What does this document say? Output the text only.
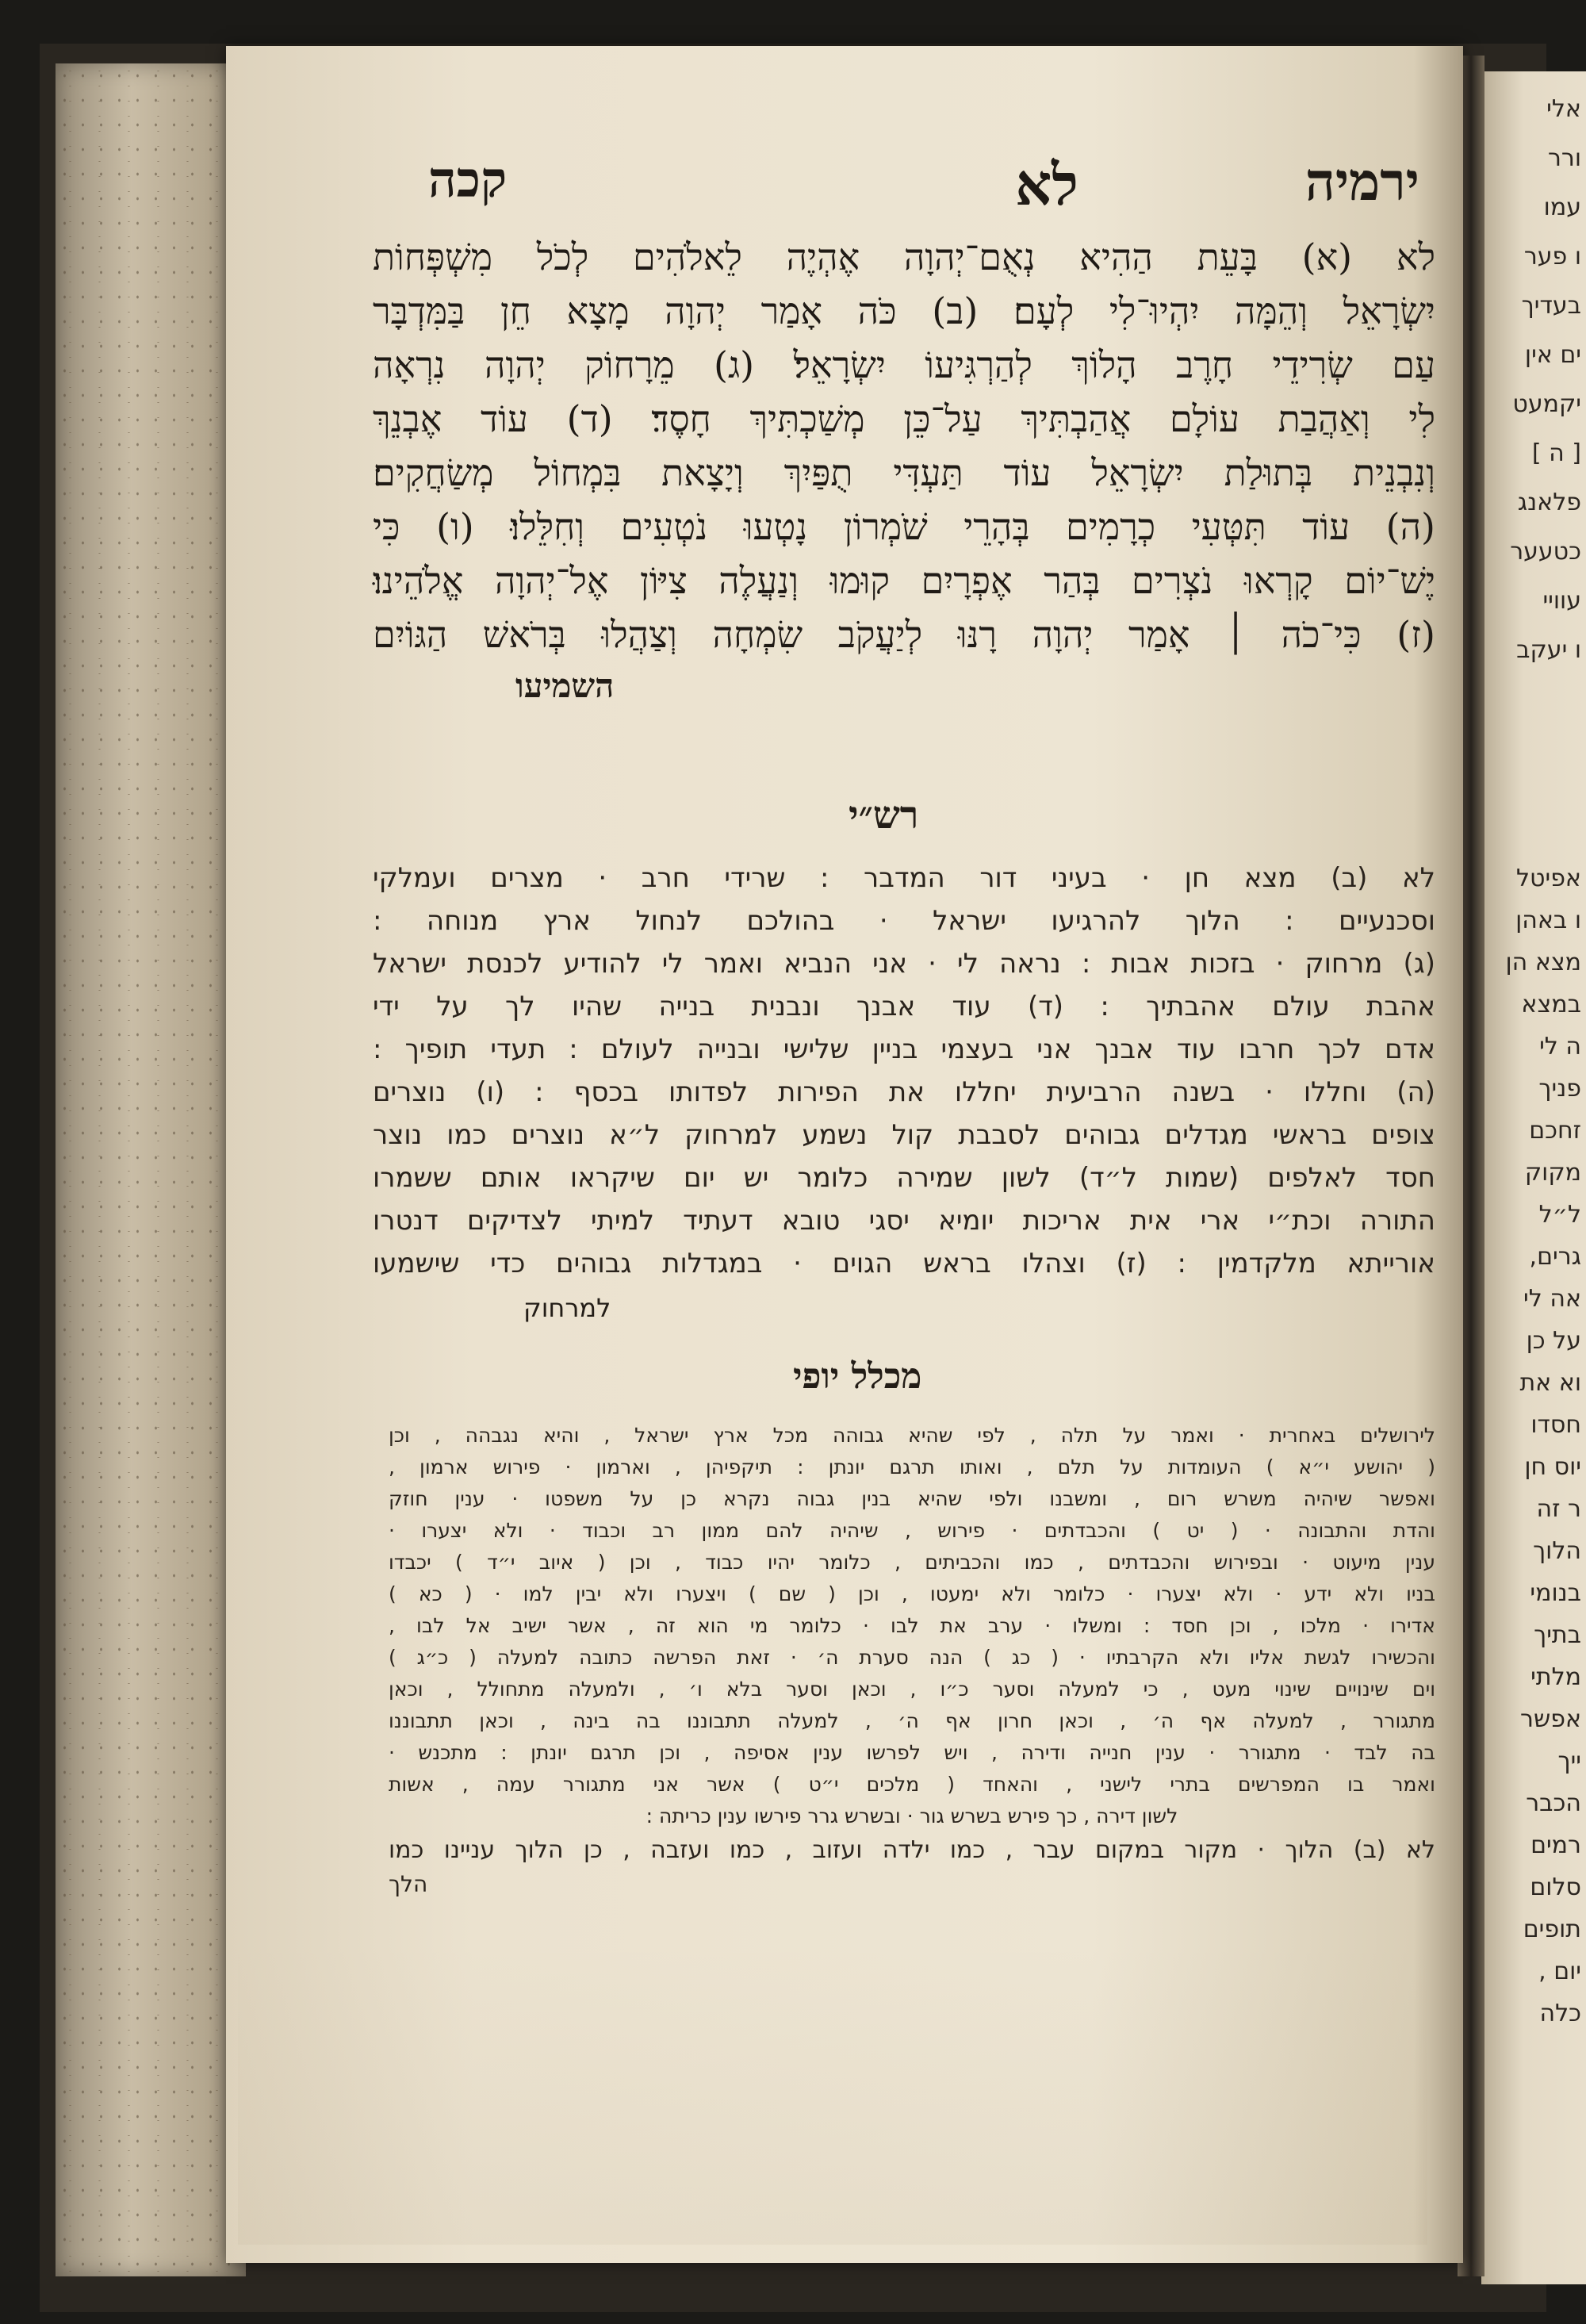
אלי
ורר
עמו
ו פער
בעדיך
ים אין
יקמעט
[ ה ]
פלאנג
כטעער
עוויי
ו יעקב
אפיטל
ו באהן
מצא הן
במצא
ה לי
פניך
זחכם
מקוק
ל״ל
גרים,
אה לי
על כן
וא את
חסדו
יוס חן
ר זה
הלוך
בנומי
בתיך
מלתי
אפשר
ייך
הכבר
רמים
סלום
תופים
יום ,
כלה
ירמיה
לא
קכה
לא (א) בָּעֵת הַהִיא נְאֻם־יְהוָה אֶהְיֶה לֵאלֹהִים לְכֹל מִשְׁפְּחוֹת
יִשְׂרָאֵל וְהֵמָּה יִהְיוּ־לִי לְעָם׃ (ב) כֹּה אָמַר יְהוָה מָצָא חֵן בַּמִּדְבָּר
עַם שְׂרִידֵי חָרֶב הָלוֹךְ לְהַרְגִּיעוֹ יִשְׂרָאֵל׃ (ג) מֵרָחוֹק יְהוָה נִרְאָה
לִי וְאַהֲבַת עוֹלָם אֲהַבְתִּיךְ עַל־כֵּן מְשַׁכְתִּיךְ חָסֶד׃ (ד) עוֹד אֶבְנֵךְ
וְנִבְנֵית בְּתוּלַת יִשְׂרָאֵל עוֹד תַּעְדִּי תֻפַּיִךְ וְיָצָאת בִּמְחוֹל מְשַׂחֲקִים׃
(ה) עוֹד תִּטְּעִי כְרָמִים בְּהָרֵי שֹׁמְרוֹן נָטְעוּ נֹטְעִים וְחִלֵּלוּ׃ (ו) כִּי
יֶשׁ־יוֹם קָרְאוּ נֹצְרִים בְּהַר אֶפְרָיִם קוּמוּ וְנַעֲלֶה צִיּוֹן אֶל־יְהוָה אֱלֹהֵינוּ׃
(ז) כִּי־כֹה ׀ אָמַר יְהוָה רָנּוּ לְיַעֲקֹב שִׂמְחָה וְצַהֲלוּ בְּרֹאשׁ הַגּוֹיִם
השמיעו
רש״י
לא (ב) מצא חן · בעיני דור המדבר : שרידי חרב · מצרים ועמלקי
וסכנעיים : הלוך להרגיעו ישראל · בהולכם לנחול ארץ מנוחה :
(ג) מרחוק · בזכות אבות : נראה לי · אני הנביא ואמר לי להודיע לכנסת ישראל
אהבת עולם אהבתיך : (ד) עוד אבנך ונבנית בנייה שהיו לך על ידי
אדם לכך חרבו עוד אבנך אני בעצמי בניין שלישי ובנייה לעולם : תעדי תופיך :
(ה) וחללו · בשנה הרביעית יחללו את הפירות לפדותו בכסף : (ו) נוצרים
צופים בראשי מגדלים גבוהים לסבבת קול נשמע למרחוק ל״א נוצרים כמו נוצר
חסד לאלפים (שמות ל״ד) לשון שמירה כלומר יש יום שיקראו אותם ששמרו
התורה וכת״י ארי אית אריכות יומיא יסגי טובא דעתיד למיתי לצדיקים דנטרו
אורייתא מלקדמין : (ז) וצהלו בראש הגוים · במגדלות גבוהים כדי שישמעו
למרחוק
מכלל יופי
לירושלים באחרית · ואמר על תלה , לפי שהיא גבוהה מכל ארץ ישראל , והיא נגבהה , וכן
( יהושע י״א ) העומדות על תלם , ואותו תרגם יונתן : תיקפיהן , וארמון · פירוש ארמון ,
ואפשר שיהיה משרש רום , ומשבנו ולפי שהיא בנין גבוה נקרא כן על משפטו · ענין חוזק
והדת והתבונה · ( יט ) והכבדתים · פירוש , שיהיה להם ממון רב וכבוד · ולא יצערו ·
ענין מיעוט · ובפירוש והכבדתים , כמו והכביתים , כלומר יהיו כבוד , וכן ( איוב י״ד ) יכבדו
בניו ולא ידע · ולא יצערו · כלומר ולא ימעטו , וכן ( שם ) ויצערו ולא יבין למו · ( כא )
אדירו · מלכו , וכן חסד : ומשלו · ערב את לבו · כלומר מי הוא זה , אשר ישיב אל לבו ,
והכשירו לגשת אליו ולא הקרבתיו · ( כג ) הנה סערת ה׳ · זאת הפרשה כתובה למעלה ( כ״ג )
וים שינויים שינוי מעט , כי למעלה וסער כ״ו , וכאן וסער בלא ו׳ , ולמעלה מתחולל , וכאן
מתגורר , למעלה אף ה׳ , וכאן חרון אף ה׳ , למעלה תתבוננו בה בינה , וכאן תתבוננו
בה לבד · מתגורר · ענין חנייה ודירה , ויש לפרשו ענין אסיפה , וכן תרגם יונתן : מתכנש ·
ואמר בו המפרשים בתרי לישני , והאחד ( מלכים י״ט ) אשר אני מתגורר עמה , אשות
לשון דירה , כך פירש בשרש גור · ובשרש גרר פירשו ענין כריתה :
לא (ב) הלוך · מקור במקום עבר , כמו ילדה ועזוב , כמו ועזבה , כן הלוך עניינו כמו
הלך
